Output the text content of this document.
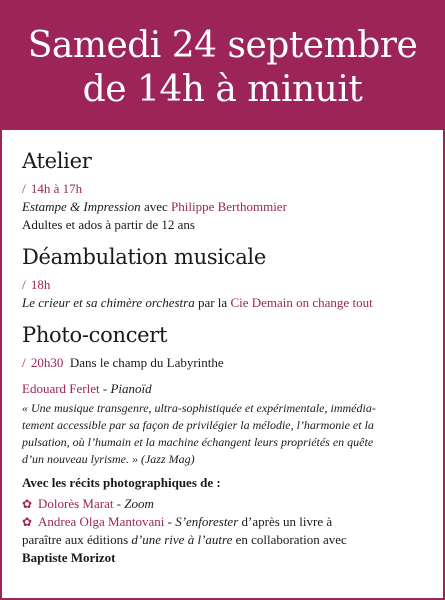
Samedi 24 septembre
de 14h à minuit
Atelier
/ 14h à 17h
Estampe & Impression avec Philippe Berthommier
Adultes et ados à partir de 12 ans
Déambulation musicale
/ 18h
Le crieur et sa chimère orchestra par la Cie Demain on change tout
Photo-concert
/ 20h30 Dans le champ du Labyrinthe
Edouard Ferlet - Pianoïd
« Une musique transgenre, ultra-sophistiquée et expérimentale, immédia-
tement accessible par sa façon de privilégier la mélodie, l’harmonie et la
pulsation, où l’humain et la machine échangent leurs propriétés en quête
d’un nouveau lyrisme. » (Jazz Mag)
Avec les récits photographiques de :
✿ Dolorès Marat - Zoom
✿ Andrea Olga Mantovani - S’enforester d’après un livre à
paraître aux éditions d’une rive à l’autre en collaboration avec
Baptiste Morizot
